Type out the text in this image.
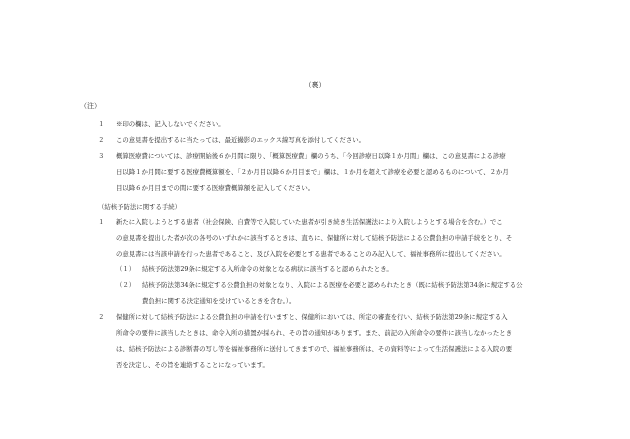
（裏）
（注）
１ ※印の欄は、記入しないでください。
２ この意見書を提出するに当たっては、最近撮影のエックス線写真を添付してください。
３ 概算医療費については、診療開始後６か月間に限り、「概算医療費」欄のうち、「今回診療日以降１か月間」欄は、この意見書による診療
日以降１か月間に要する医療費概算額を、「２か月目以降６か月目まで」欄は、１か月を超えて診療を必要と認めるものについて、２か月
目以降６か月目までの間に要する医療費概算額を記入してください。
（結核予防法に関する手続）
１ 新たに入院しようとする患者（社会保険、自費等で入院していた患者が引き続き生活保護法により入院しようとする場合を含む。）でこ
の意見書を提出した者が次の各号のいずれかに該当するときは、直ちに、保健所に対して結核予防法による公費負担の申請手続をとり、そ
の意見書には当該申請を行った患者であること、及び入院を必要とする患者であることのみ記入して、福祉事務所に提出してください。
（１） 結核予防法第29条に規定する入所命令の対象となる病状に該当すると認められたとき。
（２） 結核予防法第34条に規定する公費負担の対象となり、入院による医療を必要と認められたとき（既に結核予防法第34条に規定する公
費負担に関する決定通知を受けているときを含む。）。
２ 保健所に対して結核予防法による公費負担の申請を行いますと、保健所においては、所定の審査を行い、結核予防法第29条に規定する入
所命令の要件に該当したときは、命令入所の措置が採られ、その旨の通知があります。また、前記の入所命令の要件に該当しなかったとき
は、結核予防法による診断書の写し等を福祉事務所に送付してきますので、福祉事務所は、その資料等によって生活保護法による入院の要
否を決定し、その旨を連絡することになっています。
